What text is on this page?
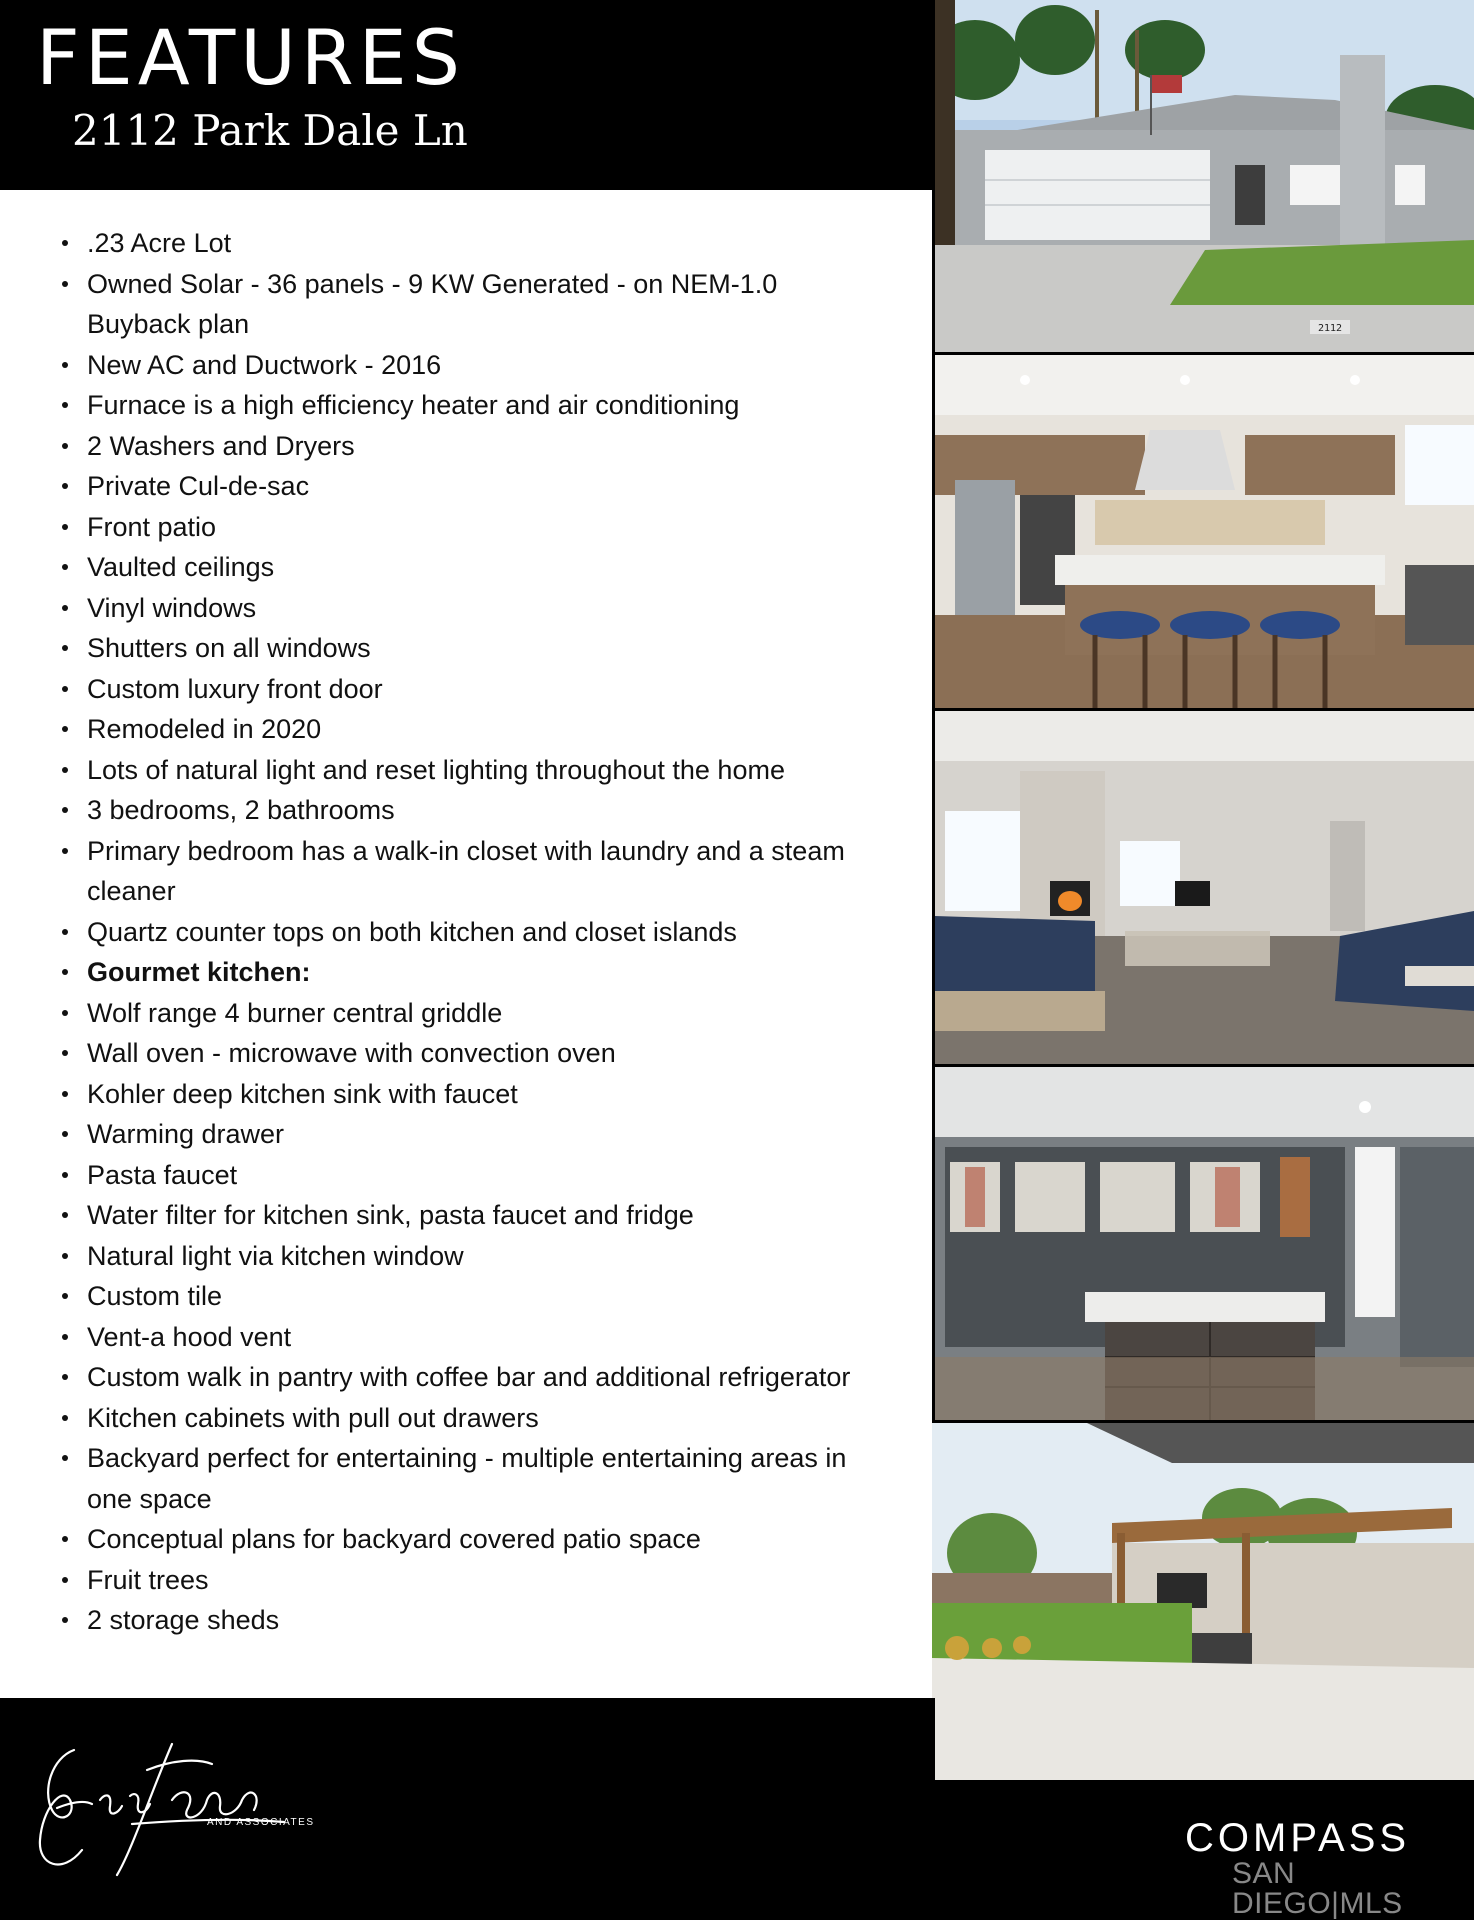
FEATURES
2112 Park Dale Ln
.23 Acre Lot
Owned Solar - 36 panels - 9 KW Generated - on NEM-1.0 Buyback plan
New AC and Ductwork - 2016
Furnace is a high efficiency heater and air conditioning
2 Washers and Dryers
Private Cul-de-sac
Front patio
Vaulted ceilings
Vinyl windows
Shutters on all windows
Custom luxury front door
Remodeled in 2020
Lots of natural light and reset lighting throughout the home
3 bedrooms, 2 bathrooms
Primary bedroom has a walk-in closet with laundry and a steam cleaner
Quartz counter tops on both kitchen and closet islands
Gourmet kitchen:
Wolf range 4 burner central griddle
Wall oven - microwave with convection oven
Kohler deep kitchen sink with faucet
Warming drawer
Pasta faucet
Water filter for kitchen sink, pasta faucet and fridge
Natural light via kitchen window
Custom tile
Vent-a hood vent
Custom walk in pantry with coffee bar and additional refrigerator
Kitchen cabinets with pull out drawers
Backyard perfect for entertaining - multiple entertaining areas in one space
Conceptual plans for backyard covered patio space
Fruit trees
2 storage sheds
2112
AND ASSOCIATES	COMPASS
SAN DIEGO|MLS
